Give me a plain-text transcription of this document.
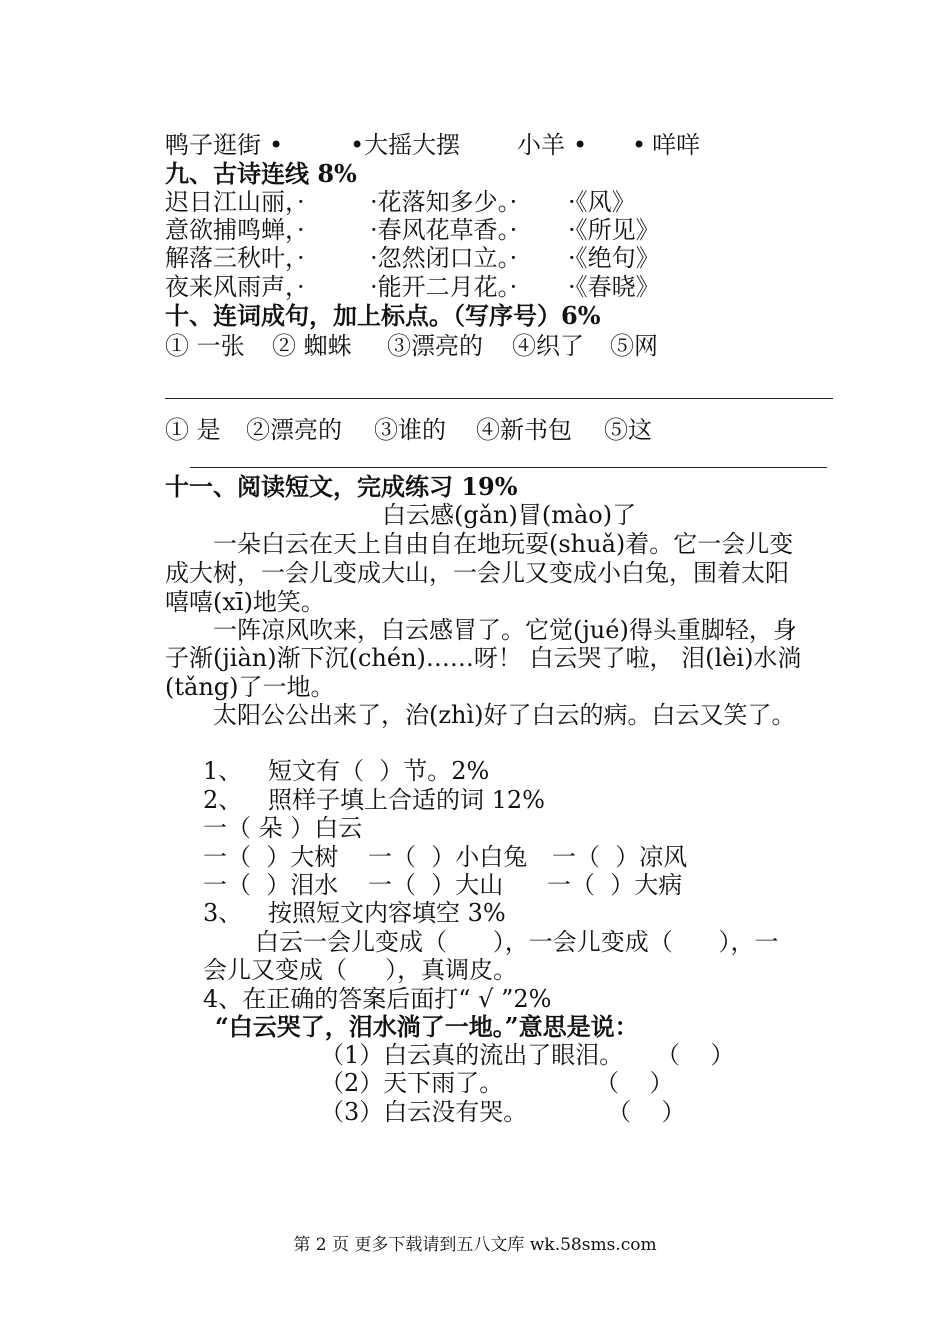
鸭子逛街 •	•大摇大摆 小羊 • • 咩咩
九、古诗连线 8%
迟日江山丽，·	·花落知多少。· ·《风》
意欲捕鸣蝉，·	·春风花草香。· ·《所见》
解落三秋叶，·	·忽然闭口立。· ·《绝句》
夜来风雨声，·	·能开二月花。· ·《春晓》
十、连词成句，加上标点。（写序号）6%
① 一张 ② 蜘蛛 ③漂亮的 ④织了 ⑤网
① 是 ②漂亮的 ③谁的 ④新书包 ⑤这
十一、阅读短文，完成练习 19%
白云感(gǎn)冒(mào)了
一朵白云在天上自由自在地玩耍(shuǎ)着。它一会儿变
成大树，一会儿变成大山，一会儿又变成小白兔，围着太阳
嘻嘻(xī)地笑。
一阵凉风吹来，白云感冒了。它觉(jué)得头重脚轻，身
子渐(jiàn)渐下沉(chén)……呀！ 白云哭了啦， 泪(lèi)水淌
(tǎng)了一地。
太阳公公出来了，治(zhì)好了白云的病。白云又笑了。
1、 短文有（  ）节。2%
2、 照样子填上合适的词 12%
一（ 朵 ）白云
一（  ）大树 一（  ）小白兔 一（  ）凉风
一（  ）泪水 一（  ）大山 一（  ）大病
3、 按照短文内容填空 3%
白云一会儿变成（      ），一会儿变成（      ），一
会儿又变成（     ），真调皮。
4、在正确的答案后面打“ √ ”2%
“白云哭了，泪水淌了一地。”意思是说：
（1）白云真的流出了眼泪。 （    ）
（2）天下雨了。	（    ）
（3）白云没有哭。	（    ）
第 2 页 更多下载请到五八文库 wk.58sms.com
